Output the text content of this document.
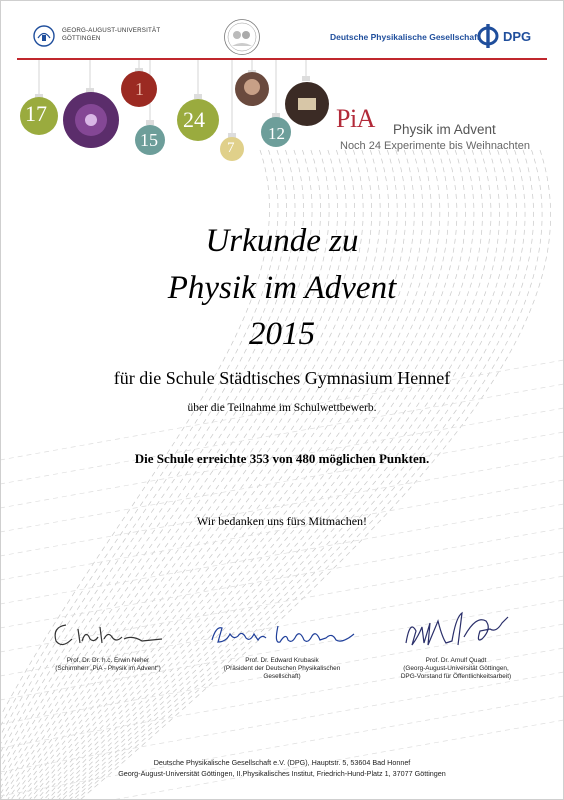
GEORG-AUGUST-UNIVERSITÄT
GÖTTINGEN	Deutsche Physikalische Gesellschaft DPG
17
1
15
24
7
12
PiA Physik im Advent
Noch 24 Experimente bis Weihnachten
Urkunde zu
Physik im Advent
2015
für die Schule Städtisches Gymnasium Hennef
über die Teilnahme im Schulwettbewerb.
Die Schule erreichte 353 von 480 möglichen Punkten.
Wir bedanken uns fürs Mitmachen!
Prof. Dr. Dr. h.c. Erwin Neher
(Schirmherr „PiA - Physik im Advent“)
Prof. Dr. Edward Krubasik
(Präsident der Deutschen Physikalischen
Gesellschaft)
Prof. Dr. Arnulf Quadt
(Georg-August-Universität Göttingen,
DPG-Vorstand für Öffentlichkeitsarbeit)
Deutsche Physikalische Gesellschaft e.V. (DPG), Hauptstr. 5, 53604 Bad Honnef
Georg-August-Universität Göttingen, II.Physikalisches Institut, Friedrich-Hund-Platz 1, 37077 Göttingen
